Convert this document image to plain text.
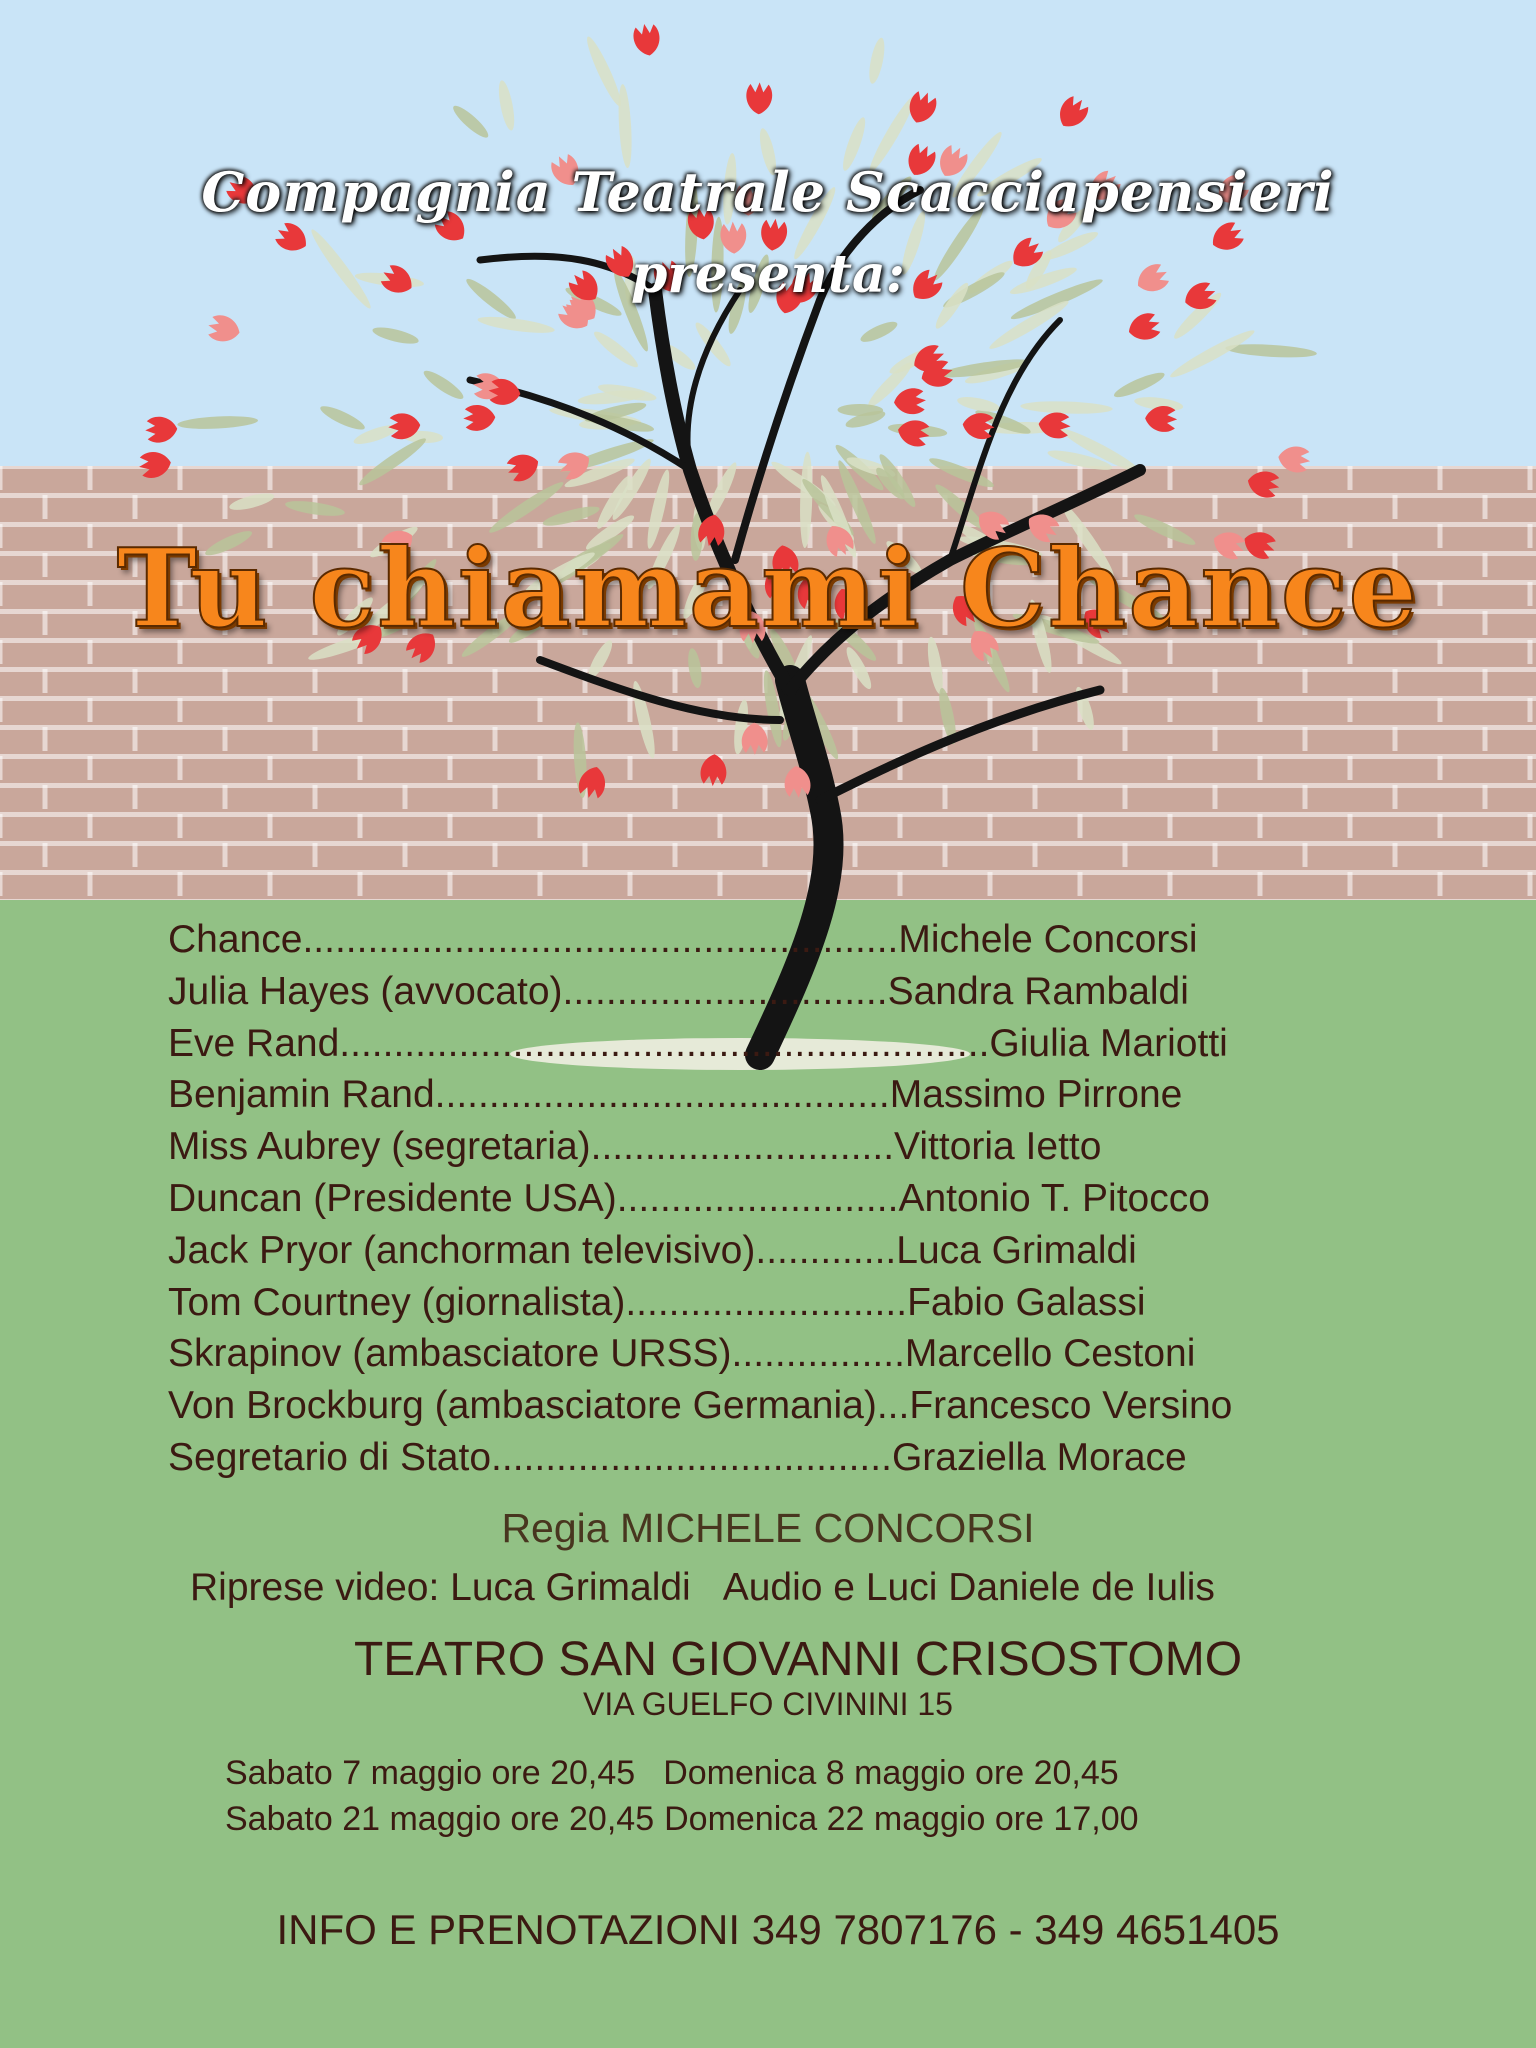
Compagnia Teatrale Scacciapensieri
presenta:
Tu chiamami Chance
Chance.......................................................Michele Concorsi
Julia Hayes (avvocato)..............................Sandra Rambaldi
Eve Rand............................................................Giulia Mariotti
Benjamin Rand..........................................Massimo Pirrone
Miss Aubrey (segretaria)............................Vittoria Ietto
Duncan (Presidente USA)..........................Antonio T. Pitocco
Jack Pryor (anchorman televisivo).............Luca Grimaldi
Tom Courtney (giornalista)..........................Fabio Galassi
Skrapinov (ambasciatore URSS)................Marcello Cestoni
Von Brockburg (ambasciatore Germania)...Francesco Versino
Segretario di Stato.....................................Graziella Morace
Regia MICHELE CONCORSI
Riprese video: Luca Grimaldi Audio e Luci Daniele de Iulis
TEATRO SAN GIOVANNI CRISOSTOMO
VIA GUELFO CIVININI 15
Sabato 7 maggio ore 20,45 Domenica 8 maggio ore 20,45
Sabato 21 maggio ore 20,45 Domenica 22 maggio ore 17,00
INFO E PRENOTAZIONI 349 7807176 - 349 4651405
